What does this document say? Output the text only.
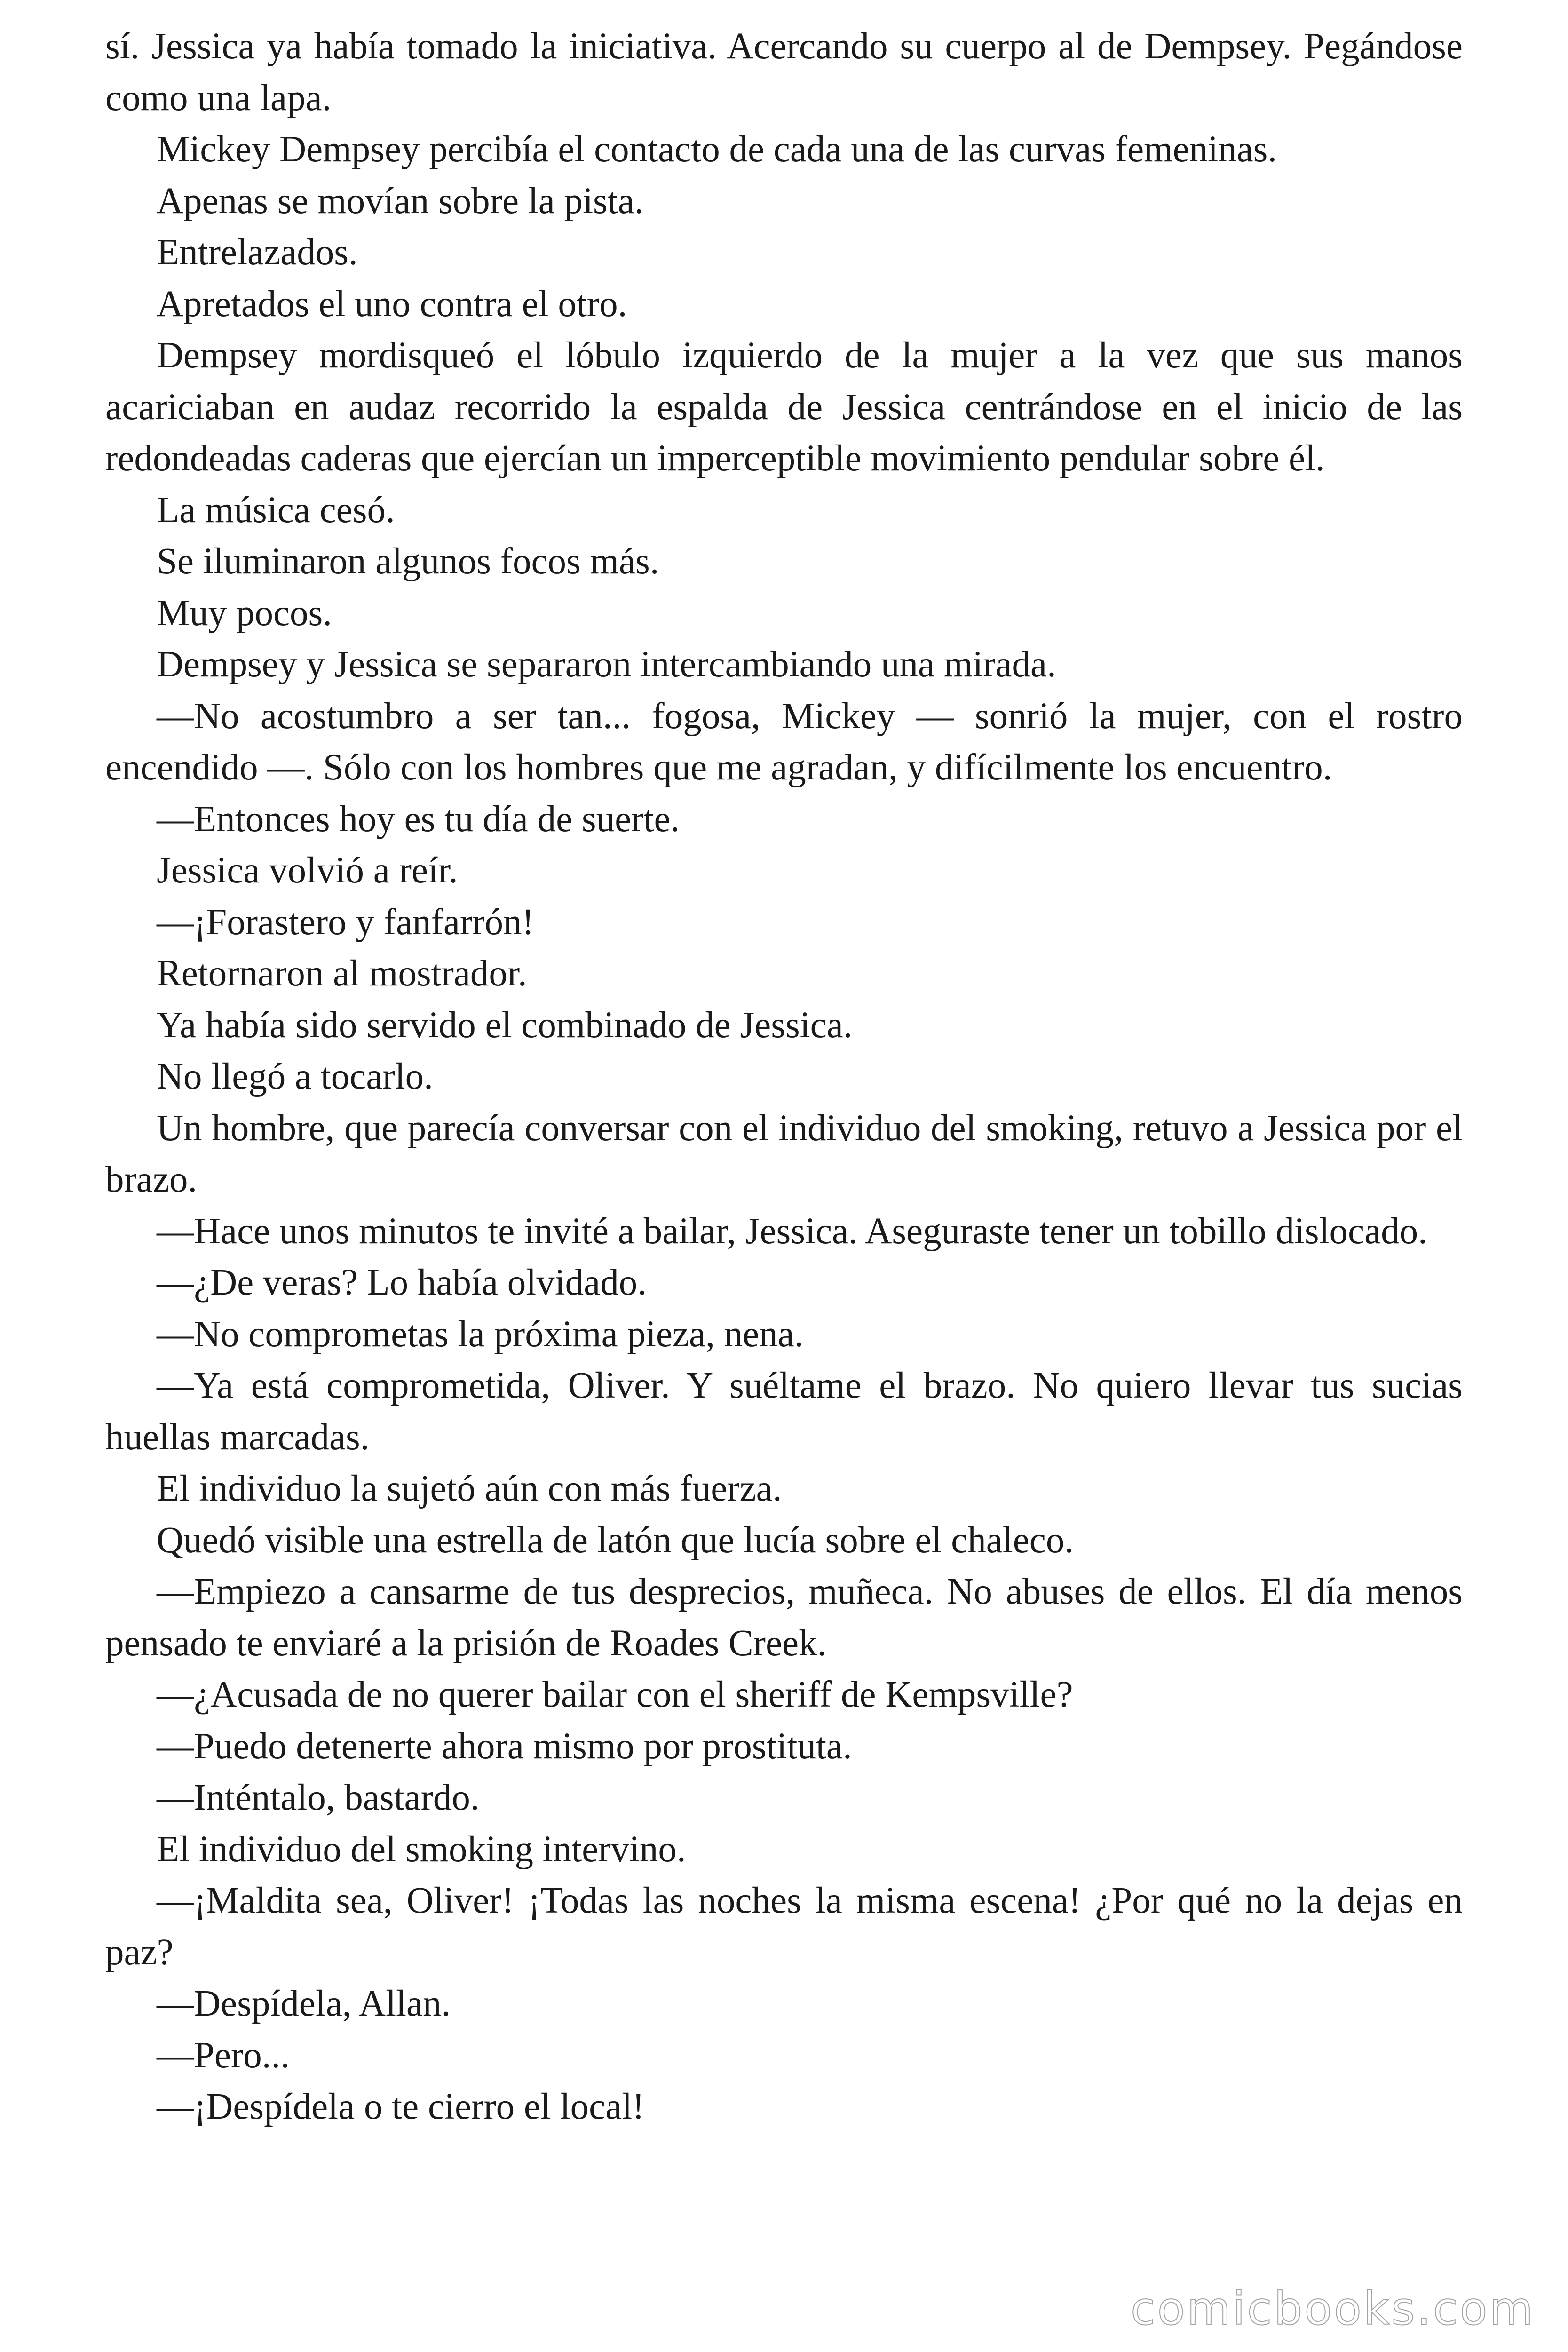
sí. Jessica ya había tomado la iniciativa. Acercando su cuerpo al de Dempsey. Pegándose como una lapa.

Mickey Dempsey percibía el contacto de cada una de las curvas femeninas.

Apenas se movían sobre la pista.

Entrelazados.

Apretados el uno contra el otro.

Dempsey mordisqueó el lóbulo izquierdo de la mujer a la vez que sus manos acariciaban en audaz recorrido la espalda de Jessica centrándose en el inicio de las redondeadas caderas que ejercían un imperceptible movimiento pendular sobre él.

La música cesó.

Se iluminaron algunos focos más.

Muy pocos.

Dempsey y Jessica se separaron intercambiando una mirada.

—No acostumbro a ser tan... fogosa, Mickey — sonrió la mujer, con el rostro encendido —. Sólo con los hombres que me agradan, y difícilmente los encuentro.

—Entonces hoy es tu día de suerte.

Jessica volvió a reír.

—¡Forastero y fanfarrón!

Retornaron al mostrador.

Ya había sido servido el combinado de Jessica.

No llegó a tocarlo.

Un hombre, que parecía conversar con el individuo del smoking, retuvo a Jessica por el brazo.

—Hace unos minutos te invité a bailar, Jessica. Aseguraste tener un tobillo dislocado.

—¿De veras? Lo había olvidado.

—No comprometas la próxima pieza, nena.

—Ya está comprometida, Oliver. Y suéltame el brazo. No quiero llevar tus sucias huellas marcadas.

El individuo la sujetó aún con más fuerza.

Quedó visible una estrella de latón que lucía sobre el chaleco.

—Empiezo a cansarme de tus desprecios, muñeca. No abuses de ellos. El día menos pensado te enviaré a la prisión de Roades Creek.

—¿Acusada de no querer bailar con el sheriff de Kempsville?

—Puedo detenerte ahora mismo por prostituta.

—Inténtalo, bastardo.

El individuo del smoking intervino.

—¡Maldita sea, Oliver! ¡Todas las noches la misma escena! ¿Por qué no la dejas en paz?

—Despídela, Allan.

—Pero...

—¡Despídela o te cierro el local!

comicbooks.com
